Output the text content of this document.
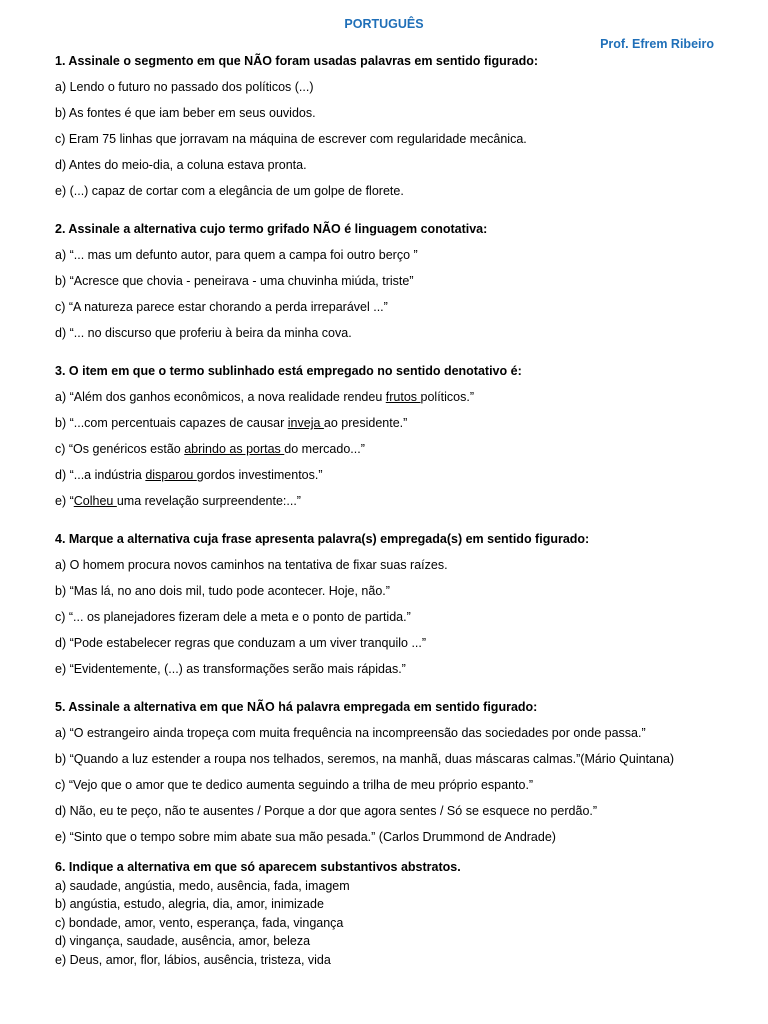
PORTUGUÊS
Prof. Efrem Ribeiro
1. Assinale o segmento em que NÃO foram usadas palavras em sentido figurado:
a) Lendo o futuro no passado dos políticos (...)
b) As fontes é que iam beber em seus ouvidos.
c) Eram 75 linhas que jorravam na máquina de escrever com regularidade mecânica.
d) Antes do meio-dia, a coluna estava pronta.
e) (...) capaz de cortar com a elegância de um golpe de florete.
2. Assinale a alternativa cujo termo grifado NÃO é linguagem conotativa:
a) “... mas um defunto autor, para quem a campa foi outro berço ”
b) “Acresce que chovia - peneirava - uma chuvinha miúda, triste”
c) “A natureza parece estar chorando a perda irreparável ...”
d) “... no discurso que proferiu à beira da minha cova.
3. O item em que o termo sublinhado está empregado no sentido denotativo é:
a) “Além dos ganhos econômicos, a nova realidade rendeu frutos políticos.”
b) “...com percentuais capazes de causar inveja ao presidente.”
c) “Os genéricos estão abrindo as portas do mercado...”
d) “...a indústria disparou gordos investimentos.”
e) “Colheu uma revelação surpreendente:...”
4. Marque a alternativa cuja frase apresenta palavra(s) empregada(s) em sentido figurado:
a) O homem procura novos caminhos na tentativa de fixar suas raízes.
b) “Mas lá, no ano dois mil, tudo pode acontecer. Hoje, não.”
c) “... os planejadores fizeram dele a meta e o ponto de partida.”
d) “Pode estabelecer regras que conduzam a um viver tranquilo ...”
e) “Evidentemente, (...) as transformações serão mais rápidas.”
5. Assinale a alternativa em que NÃO há palavra empregada em sentido figurado:
a) “O estrangeiro ainda tropeça com muita frequência na incompreensão das sociedades por onde passa.”
b) “Quando a luz estender a roupa nos telhados, seremos, na manhã, duas máscaras calmas.”(Mário Quintana)
c) “Vejo que o amor que te dedico aumenta seguindo a trilha de meu próprio espanto.”
d) Não, eu te peço, não te ausentes / Porque a dor que agora sentes / Só se esquece no perdão.”
e) “Sinto que o tempo sobre mim abate sua mão pesada.” (Carlos Drummond de Andrade)
6. Indique a alternativa em que só aparecem substantivos abstratos.
a) saudade, angústia, medo, ausência, fada, imagem
b) angústia, estudo, alegria, dia, amor, inimizade
c) bondade, amor, vento, esperança, fada, vingança
d) vingança, saudade, ausência, amor, beleza
e) Deus, amor, flor, lábios, ausência, tristeza, vida
